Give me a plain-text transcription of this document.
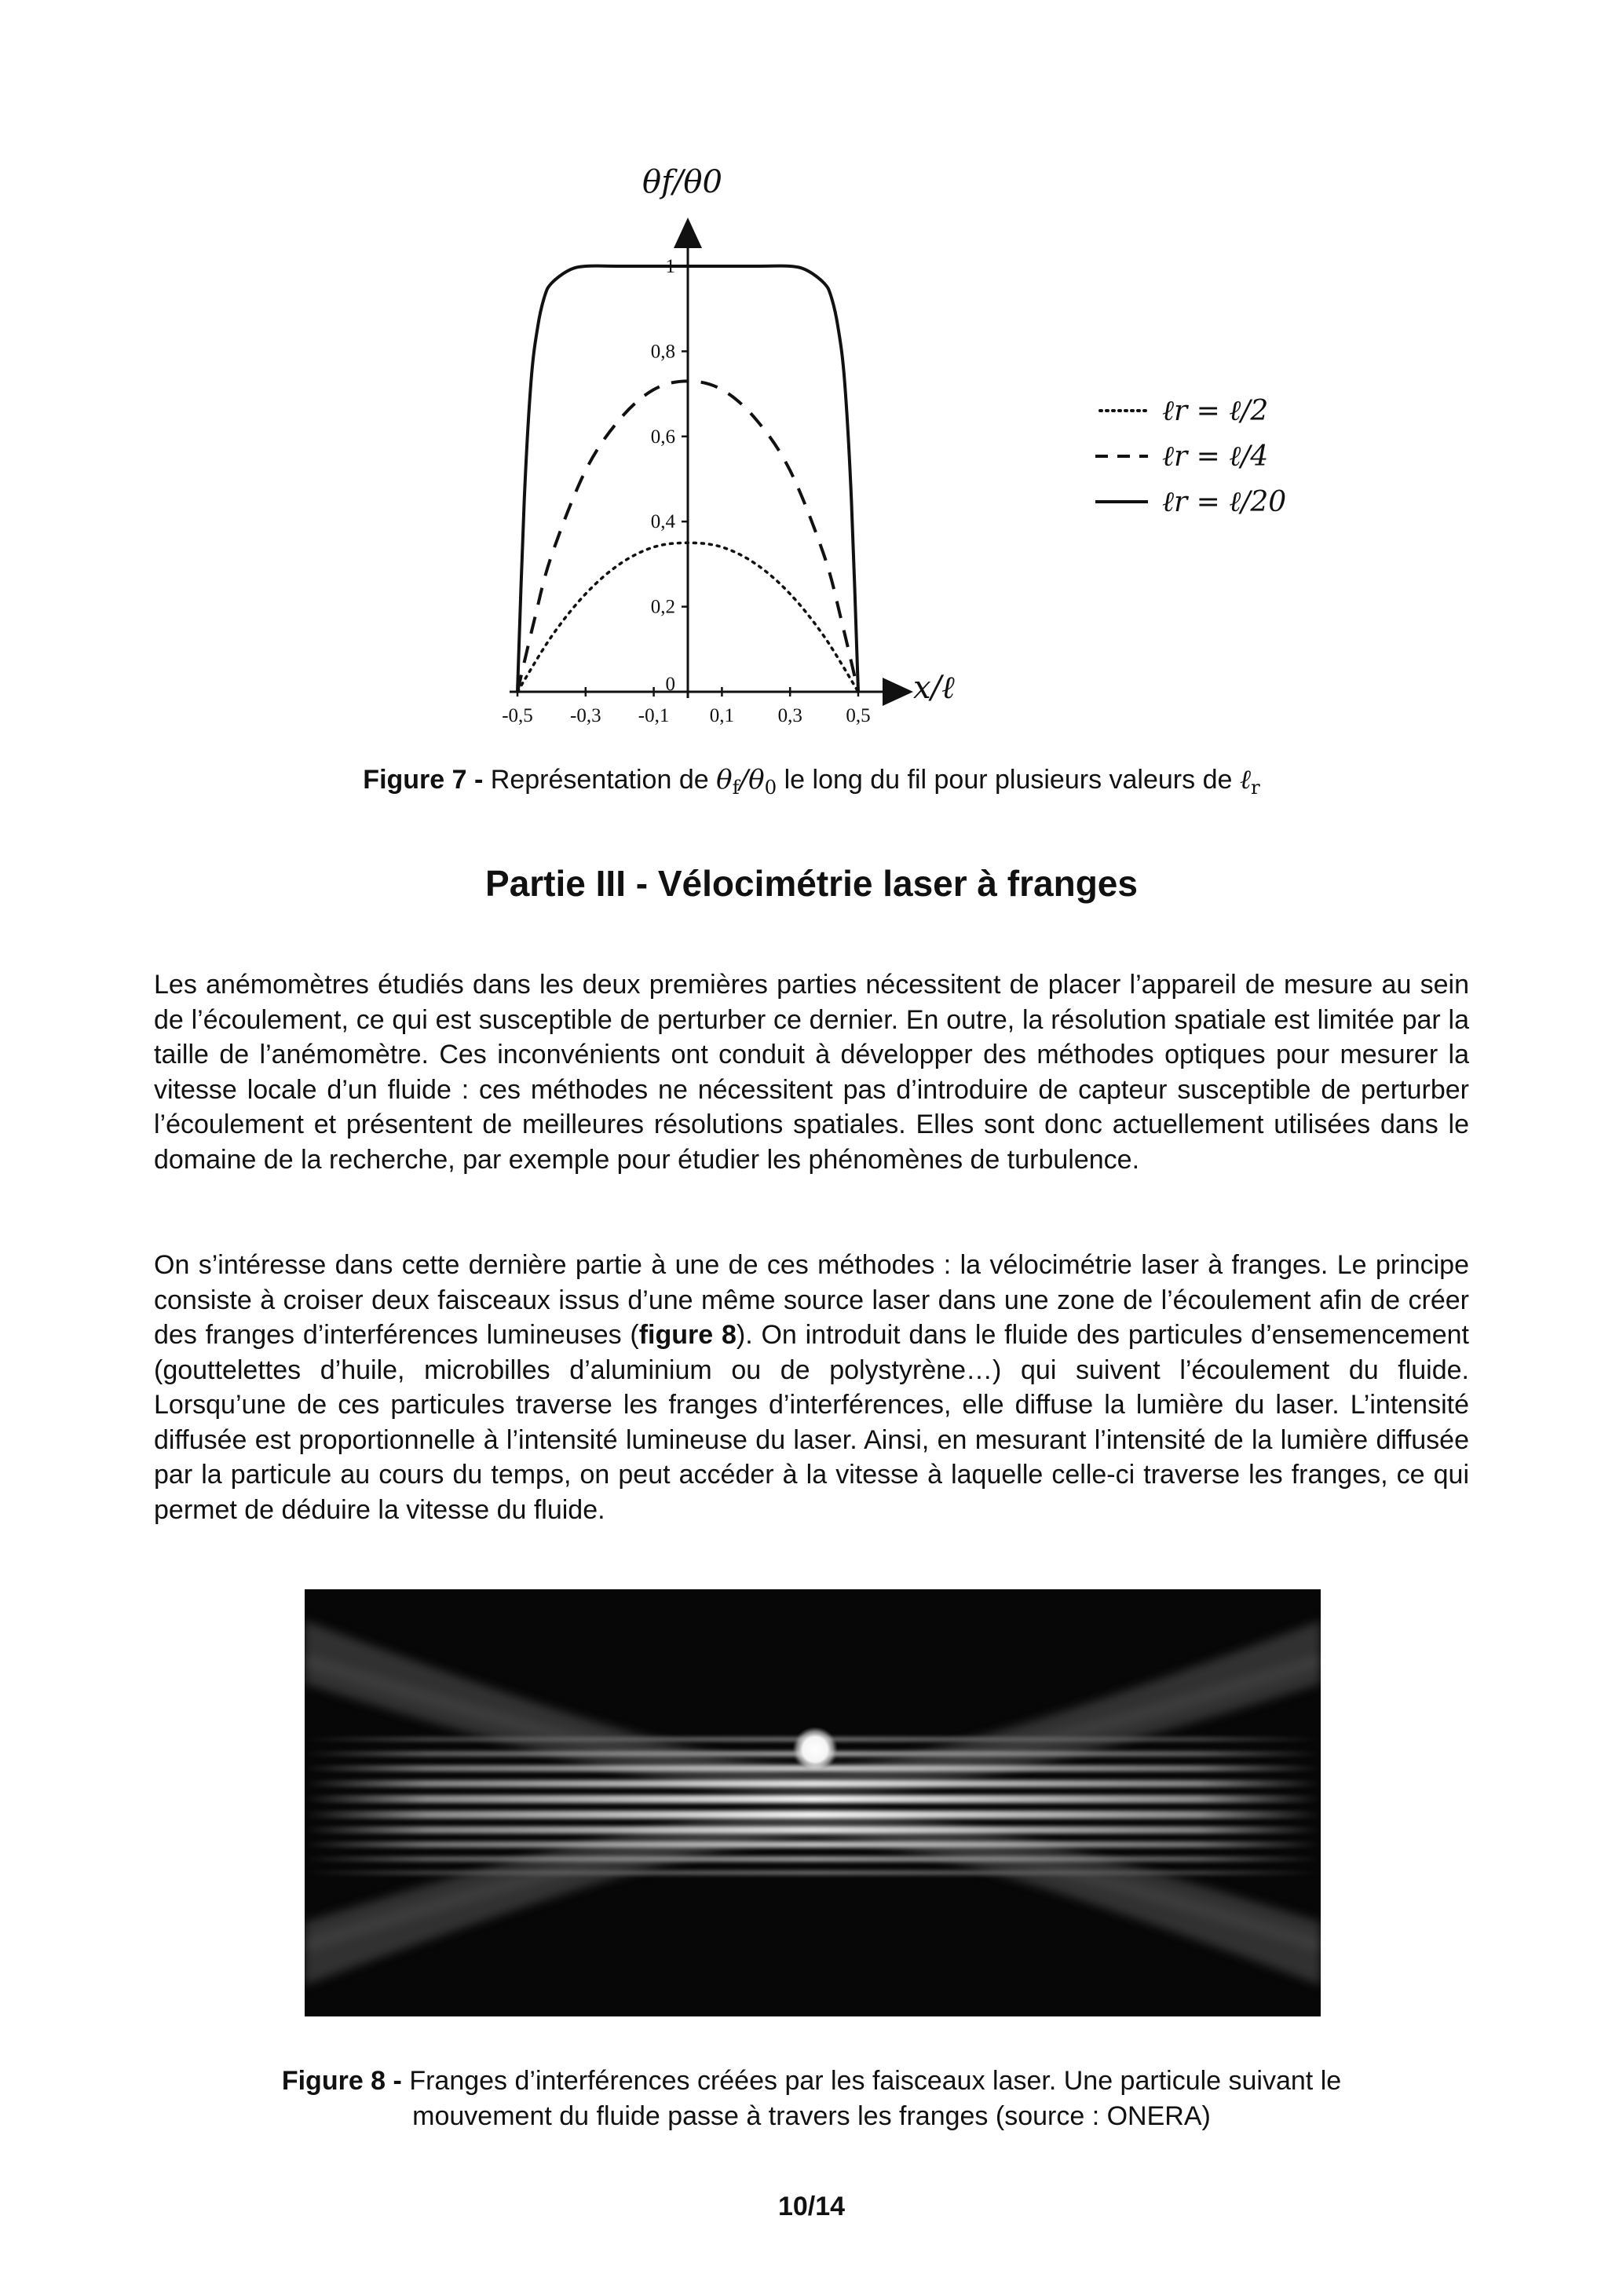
-0,5 -0,3 -0,1 0,1 0,3 0,5
0
0,2
0,4
0,6
0,8
1
θf/θ0
x/ℓ
ℓr = ℓ/2
ℓr = ℓ/4
ℓr = ℓ/20
Figure 7 - Représentation de $\theta_f/\theta_0$ le long du fil pour plusieurs valeurs de ℓ$_r$
Partie III - Vélocimétrie laser à franges

Les anémomètres étudiés dans les deux premières parties nécessitent de placer l’appareil de mesure au sein de l’écoulement, ce qui est susceptible de perturber ce dernier. En outre, la résolution spatiale est limitée par la taille de l’anémomètre. Ces inconvénients ont conduit à développer des méthodes optiques pour mesurer la vitesse locale d’un fluide : ces méthodes ne nécessitent pas d’introduire de capteur susceptible de perturber l’écoulement et présentent de meilleures résolutions spatiales. Elles sont donc actuellement utilisées dans le domaine de la recherche, par exemple pour étudier les phénomènes de turbulence.

On s’intéresse dans cette dernière partie à une de ces méthodes : la vélocimétrie laser à franges. Le principe consiste à croiser deux faisceaux issus d’une même source laser dans une zone de l’écoulement afin de créer des franges d’interférences lumineuses (figure 8). On introduit dans le fluide des particules d’ensemencement (gouttelettes d’huile, microbilles d’aluminium ou de polystyrène…) qui suivent l’écoulement du fluide. Lorsqu’une de ces particules traverse les franges d’interférences, elle diffuse la lumière du laser. L’intensité diffusée est proportionnelle à l’intensité lumineuse du laser. Ainsi, en mesurant l’intensité de la lumière diffusée par la particule au cours du temps, on peut accéder à la vitesse à laquelle celle-ci traverse les franges, ce qui permet de déduire la vitesse du fluide.

Figure 8 - Franges d’interférences créées par les faisceaux laser. Une particule suivant le
mouvement du fluide passe à travers les franges (source : ONERA)
10/14
